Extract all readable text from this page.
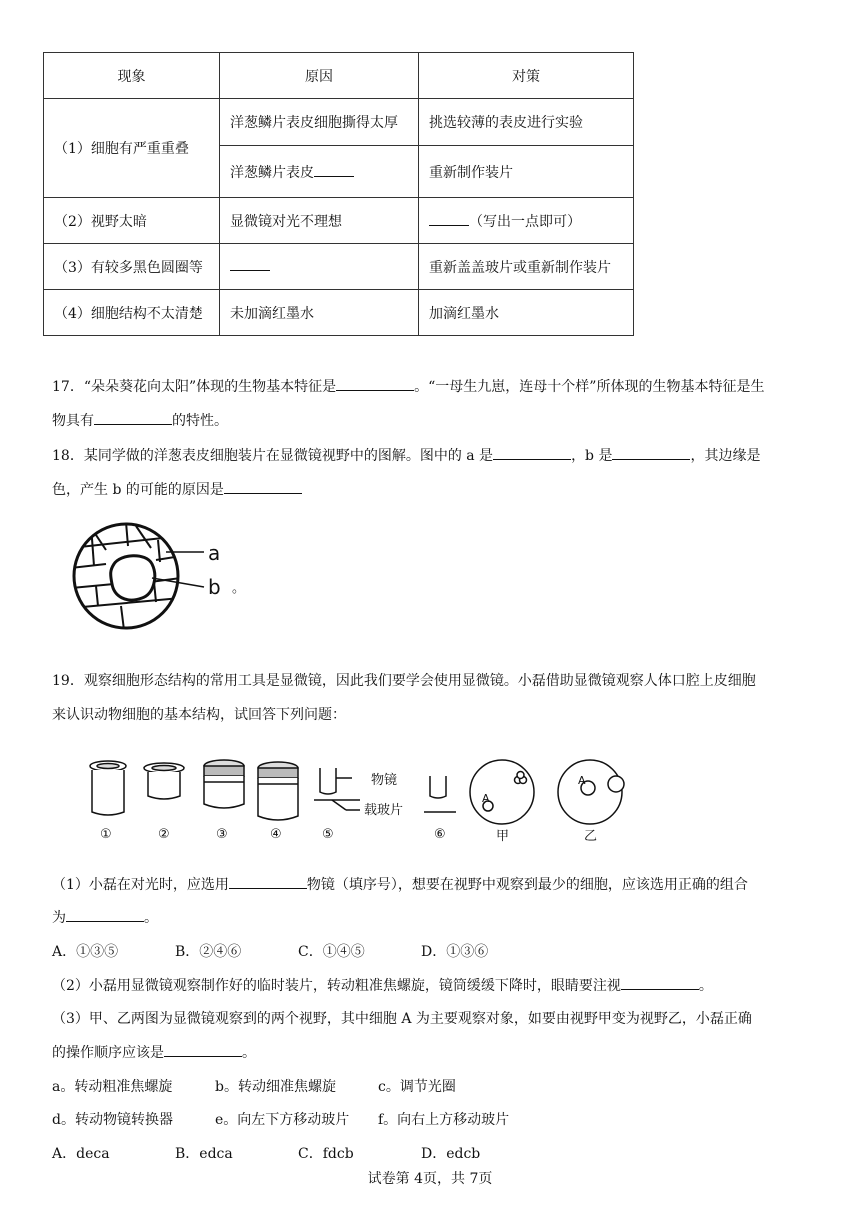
现象	原因	对策
（1）细胞有严重重叠	洋葱鳞片表皮细胞撕得太厚	挑选较薄的表皮进行实验
	洋葱鳞片表皮	重新制作装片
（2）视野太暗	显微镜对光不理想	（写出一点即可）
（3）有较多黑色圆圈等		重新盖盖玻片或重新制作装片
（4）细胞结构不太清楚	未加滴红墨水	加滴红墨水
17．“朵朵葵花向太阳”体现的生物基本特征是	。“一母生九崽，连母十个样”所体现的生物基本特征是生
物具有	的特性。
18．某同学做的洋葱表皮细胞装片在显微镜视野中的图解。图中的 a 是	，b 是	，其边缘是
色，产生 b 的可能的原因是
a
b 。
19．观察细胞形态结构的常用工具是显微镜，因此我们要学会使用显微镜。小磊借助显微镜观察人体口腔上皮细胞
来认识动物细胞的基本结构，试回答下列问题：
物镜
载玻片
A
A
①	②	③	④	⑤	⑥	甲	乙
（1）小磊在对光时，应选用	物镜（填序号），想要在视野中观察到最少的细胞，应该选用正确的组合
为	。
A．①③⑤	B．②④⑥	C．①④⑤	D．①③⑥
（2）小磊用显微镜观察制作好的临时装片，转动粗准焦螺旋，镜筒缓缓下降时，眼睛要注视	。
（3）甲、乙两图为显微镜观察到的两个视野，其中细胞 A 为主要观察对象，如要由视野甲变为视野乙，小磊正确
的操作顺序应该是	。
a。转动粗准焦螺旋	b。转动细准焦螺旋	c。调节光圈
d。转动物镜转换器	e。向左下方移动玻片 f。向右上方移动玻片
A．deca	B．edca	C．fdcb	D．edcb
试卷第 4页，共 7页
